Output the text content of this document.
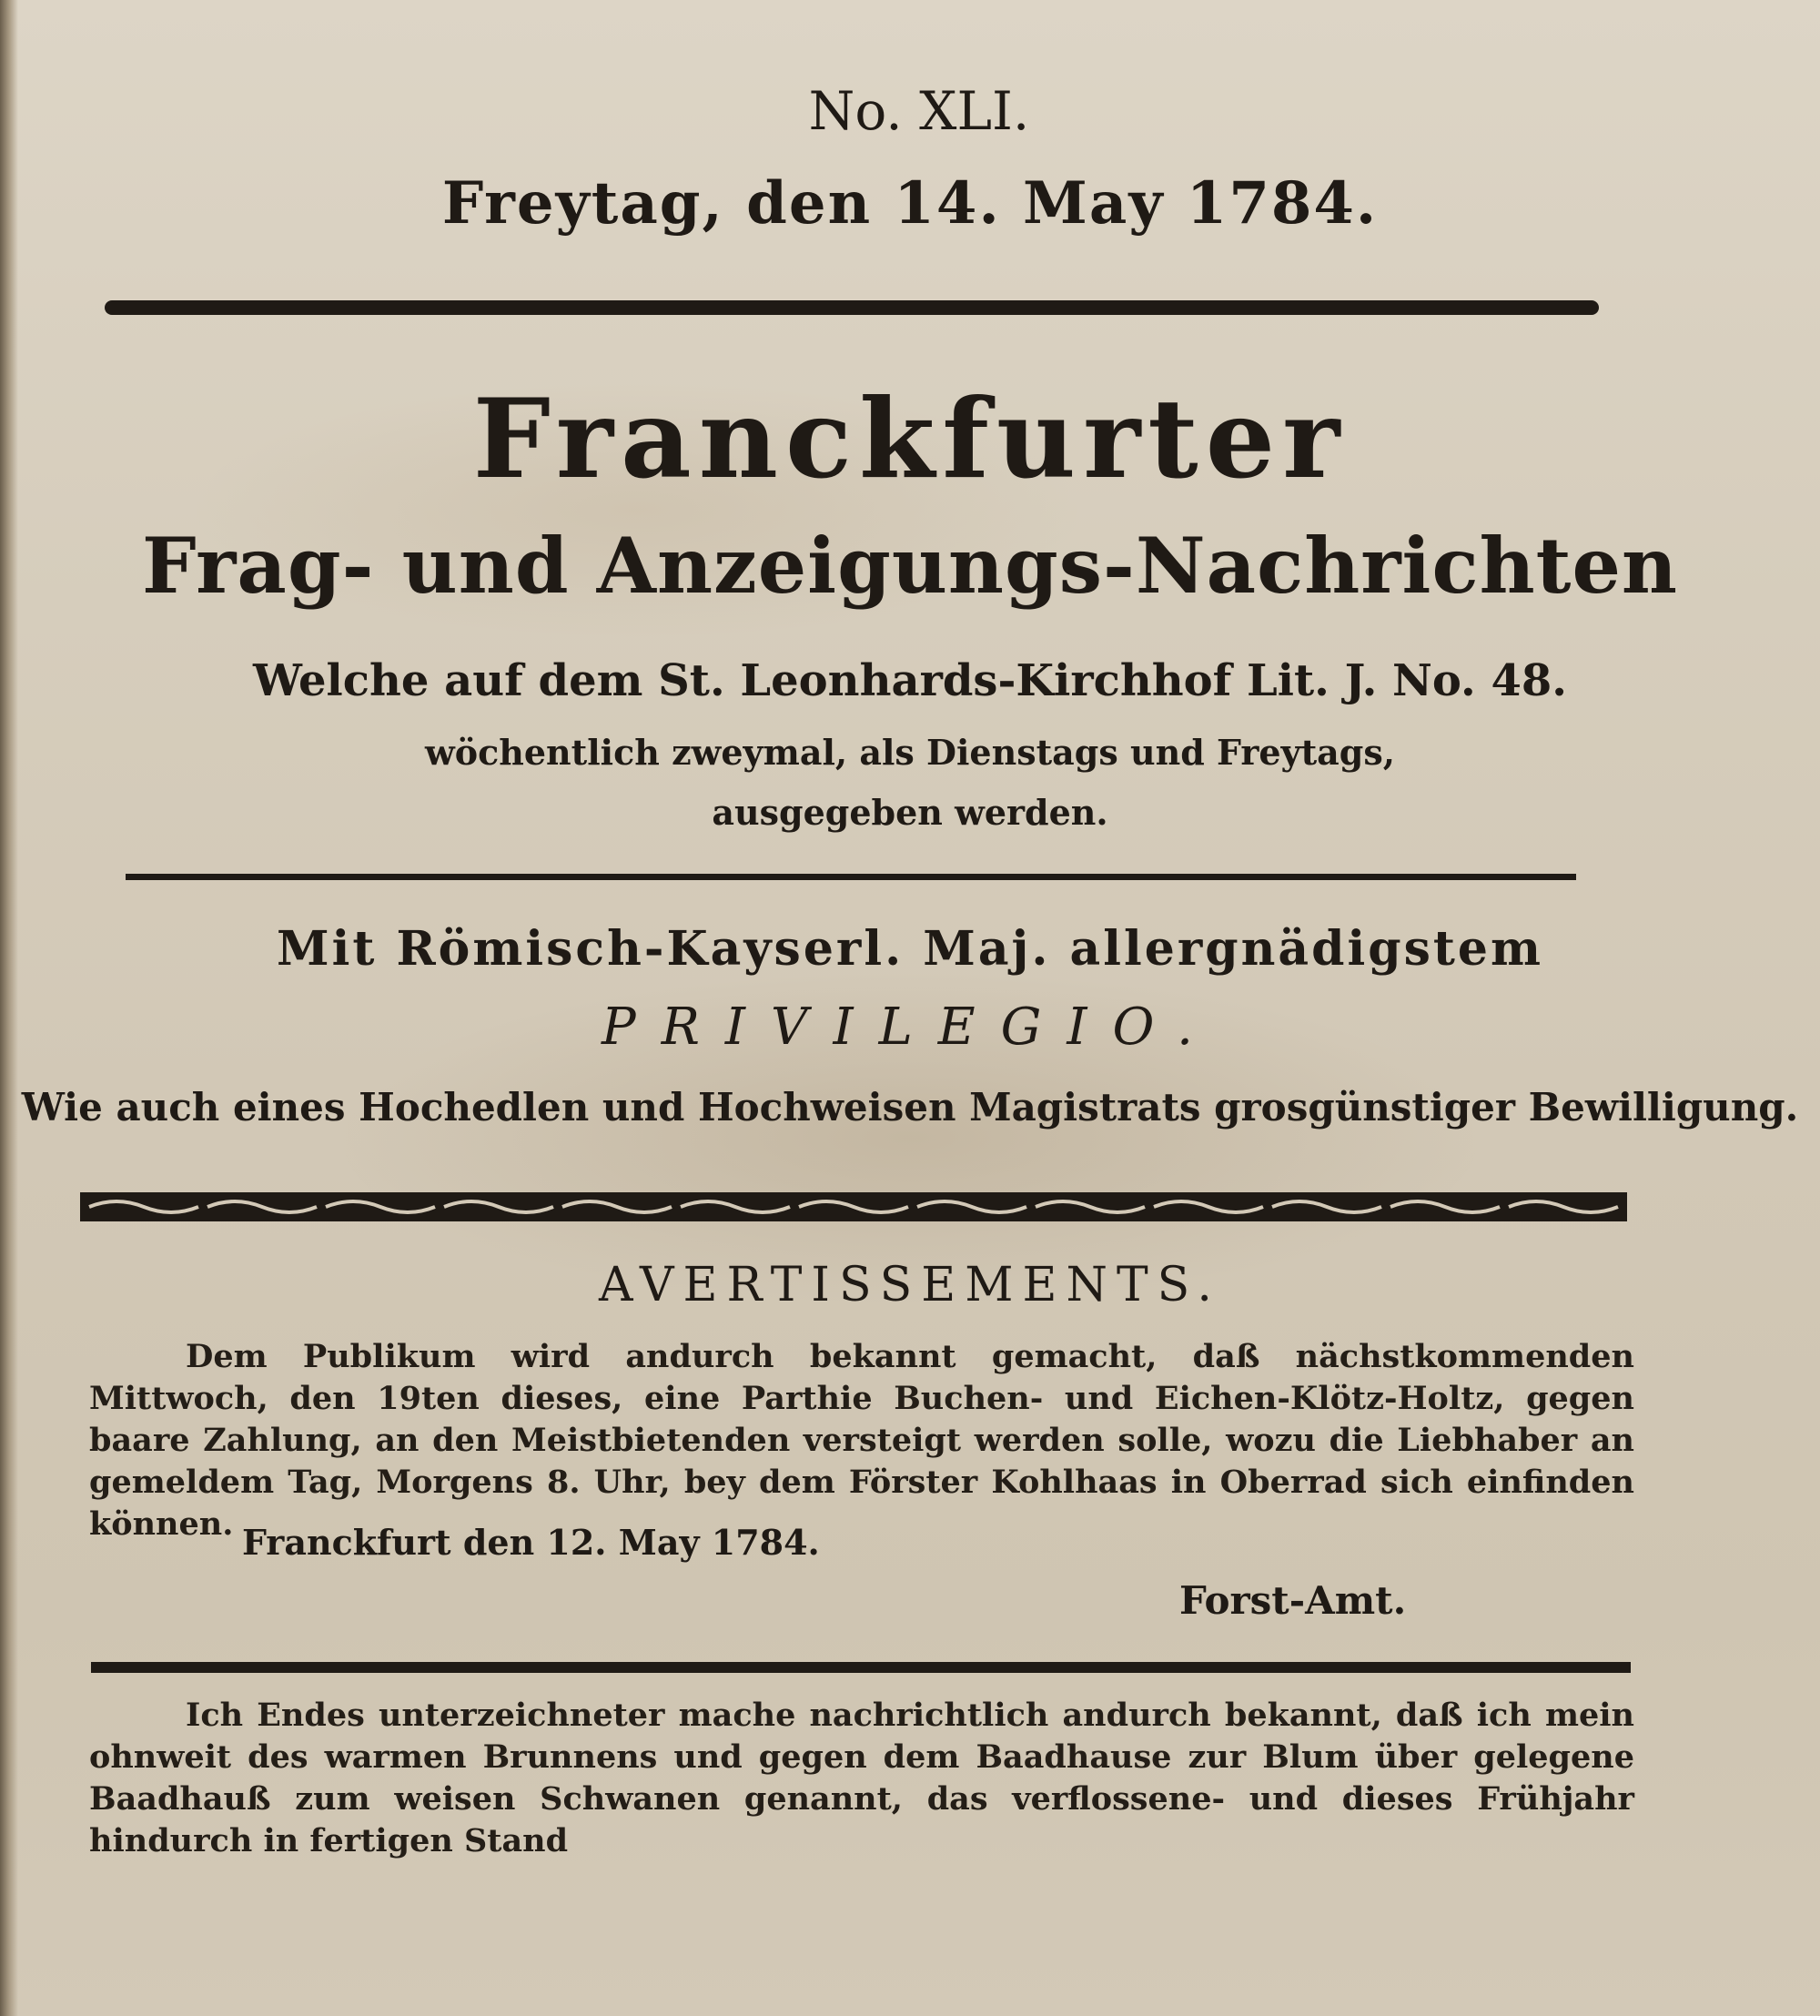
No. XLI.
Freytag, den 14. May 1784.
Franckfurter
Frag- und Anzeigungs-Nachrichten
Welche auf dem St. Leonhards-Kirchhof Lit. J. No. 48.
wöchentlich zweymal, als Dienstags und Freytags,
ausgegeben werden.
Mit Römisch-Kayserl. Maj. allergnädigstem
PRIVILEGIO.
Wie auch eines Hochedlen und Hochweisen Magistrats grosgünstiger Bewilligung.
AVERTISSEMENTS.
Dem Publikum wird andurch bekannt gemacht, daß nächstkommenden Mittwoch, den 19ten dieses, eine Parthie Buchen- und Eichen-Klötz-Holtz, gegen baare Zahlung, an den Meistbietenden versteigt werden solle, wozu die Liebhaber an gemeldem Tag, Morgens 8. Uhr, bey dem Förster Kohlhaas in Oberrad sich einfinden können. Franckfurt den 12. May 1784.
Forst-Amt.
Ich Endes unterzeichneter mache nachrichtlich andurch bekannt, daß ich mein ohnweit des warmen Brunnens und gegen dem Baadhause zur Blum über gelegene Baadhauß zum weisen Schwanen genannt, das verflossene- und dieses Frühjahr hindurch in fertigen Stand
